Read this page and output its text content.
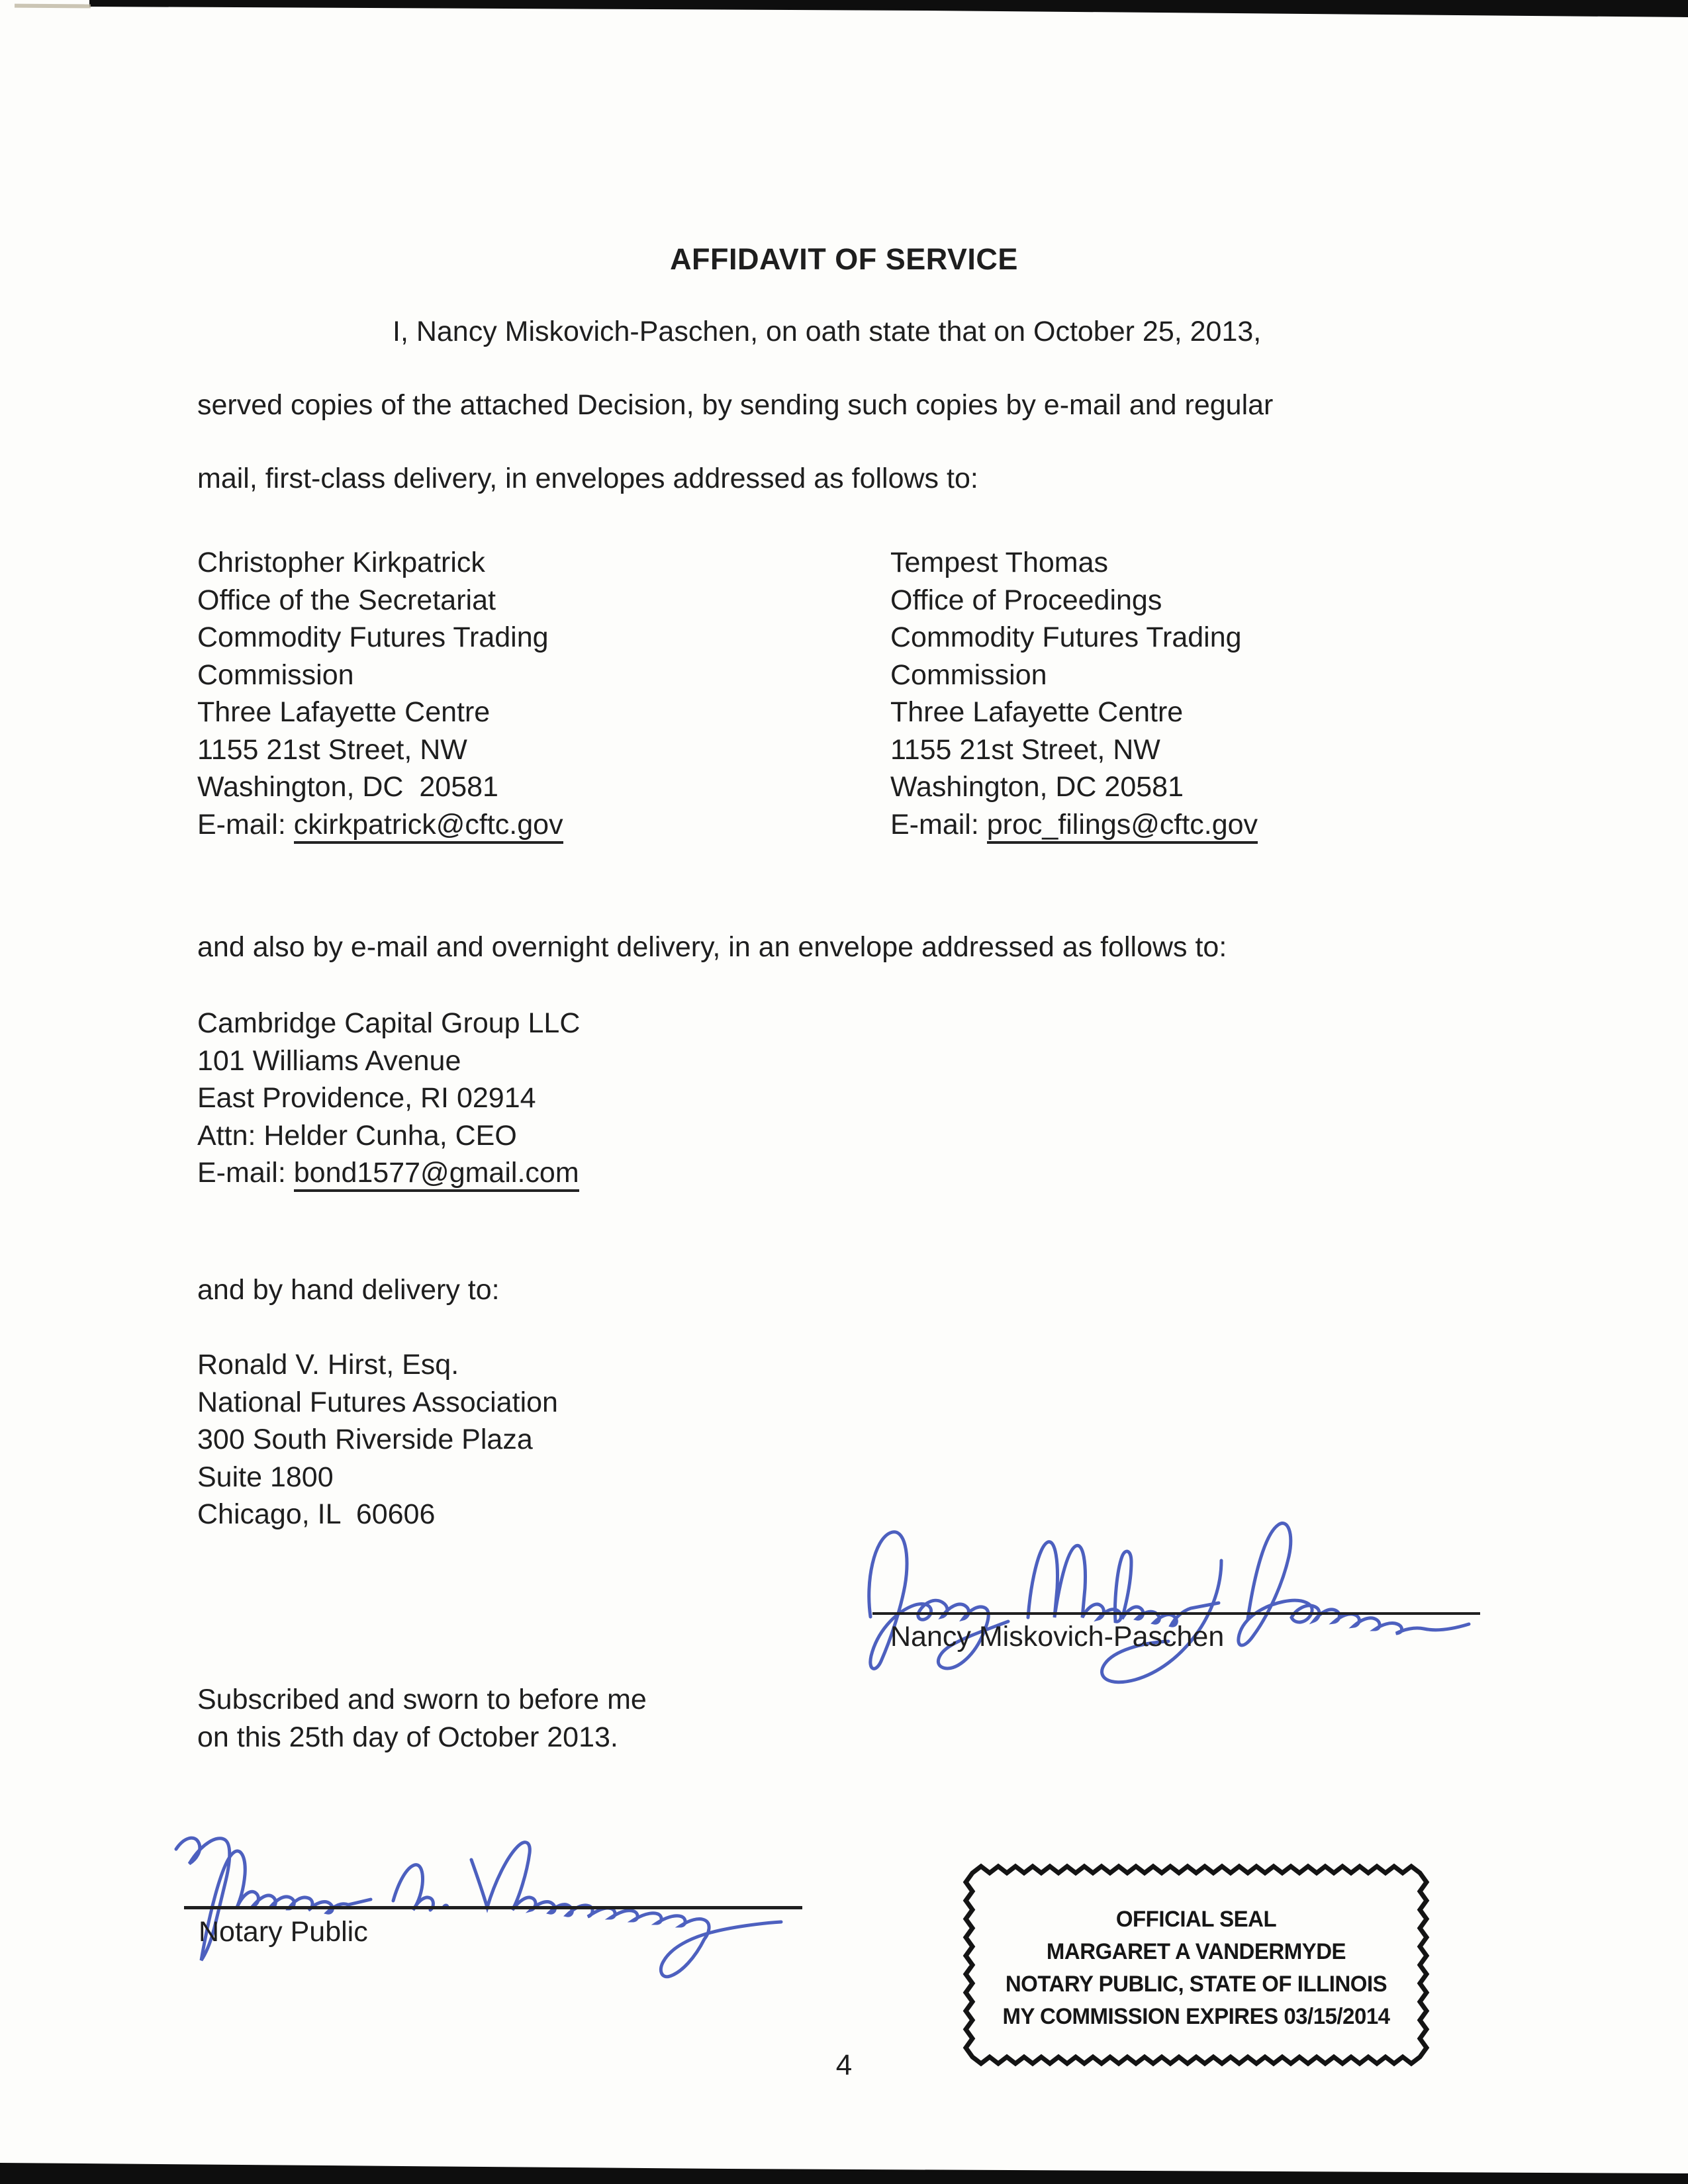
AFFIDAVIT OF SERVICE

I, Nancy Miskovich-Paschen, on oath state that on October 25, 2013,

served copies of the attached Decision, by sending such copies by e-mail and regular

mail, first-class delivery, in envelopes addressed as follows to:

Christopher Kirkpatrick
Office of the Secretariat
Commodity Futures Trading
Commission
Three Lafayette Centre
1155 21st Street, NW
Washington, DC  20581
E-mail: ckirkpatrick@cftc.gov
Tempest Thomas
Office of Proceedings
Commodity Futures Trading
Commission
Three Lafayette Centre
1155 21st Street, NW
Washington, DC 20581
E-mail: proc_filings@cftc.gov
and also by e-mail and overnight delivery, in an envelope addressed as follows to:
Cambridge Capital Group LLC
101 Williams Avenue
East Providence, RI 02914
Attn: Helder Cunha, CEO
E-mail: bond1577@gmail.com
and by hand delivery to:
Ronald V. Hirst, Esq.
National Futures Association
300 South Riverside Plaza
Suite 1800
Chicago, IL  60606
Nancy Miskovich-Paschen
Subscribed and sworn to before me
on this 25th day of October 2013.
Notary Public	OFFICIAL SEAL
MARGARET A VANDERMYDE
NOTARY PUBLIC, STATE OF ILLINOIS
MY COMMISSION EXPIRES 03/15/2014
4
